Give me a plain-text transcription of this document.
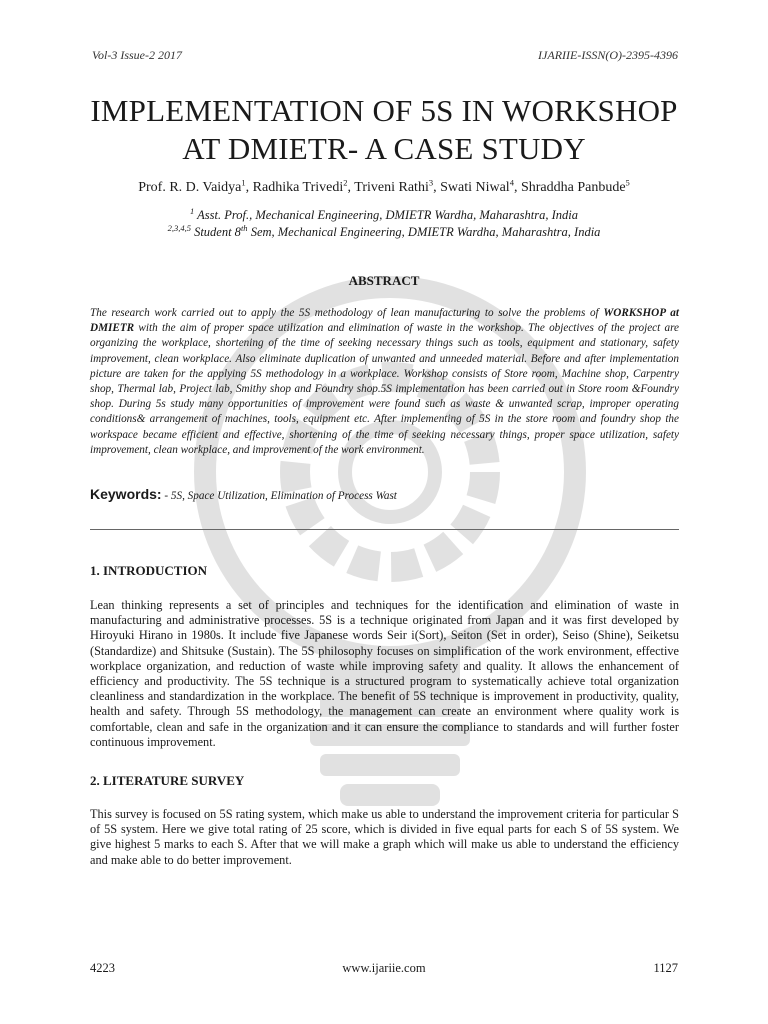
Vol-3 Issue-2 2017	IJARIIE-ISSN(O)-2395-4396
IMPLEMENTATION OF 5S IN WORKSHOP
AT DMIETR- A CASE STUDY
Prof. R. D. Vaidya$^1$, Radhika Trivedi$^2$, Triveni Rathi$^3$, Swati Niwal$^4$, Shraddha Panbude$^5$
$^1$ Asst. Prof., Mechanical Engineering, DMIETR Wardha, Maharashtra, India
$^{2,3,4,5}$ Student 8th Sem, Mechanical Engineering, DMIETR Wardha, Maharashtra, India
ABSTRACT
The research work carried out to apply the 5S methodology of lean manufacturing to solve the problems of WORKSHOP at DMIETR with the aim of proper space utilization and elimination of waste in the workshop. The objectives of the project are organizing the workplace, shortening of the time of seeking necessary things such as tools, equipment and stationary, safety improvement, clean workplace. Also eliminate duplication of unwanted and unneeded material. Before and after implementation picture are taken for the applying 5S methodology in a workplace. Workshop consists of Store room, Machine shop, Carpentry shop, Thermal lab, Project lab, Smithy shop and Foundry shop.5S implementation has been carried out in Store room &Foundry shop. During 5s study many opportunities of improvement were found such as waste & unwanted scrap, improper operating conditions& arrangement of machines, tools, equipment etc. After implementing of 5S in the store room and foundry shop the workspace became efficient and effective, shortening of the time of seeking necessary things, proper space utilization, safety improvement, clean workplace, and improvement of the work environment.
Keywords: - 5S, Space Utilization, Elimination of Process Wast
1. INTRODUCTION
Lean thinking represents a set of principles and techniques for the identification and elimination of waste in manufacturing and administrative processes. 5S is a technique originated from Japan and it was first developed by Hiroyuki Hirano in 1980s. It include five Japanese words Seir i(Sort), Seiton (Set in order), Seiso (Shine), Seiketsu (Standardize) and Shitsuke (Sustain). The 5S philosophy focuses on simplification of the work environment, effective workplace organization, and reduction of waste while improving safety and quality. It allows the enhancement of efficiency and productivity. The 5S technique is a structured program to systematically achieve total organization cleanliness and standardization in the workplace. The benefit of 5S technique is improvement in productivity, quality, health and safety. Through 5S methodology, the management can create an environment where quality work is comfortable, clean and safe in the organization and it can ensure the compliance to standards and will further foster continuous improvement.
2. LITERATURE SURVEY
This survey is focused on 5S rating system, which make us able to understand the improvement criteria for particular S of 5S system. Here we give total rating of 25 score, which is divided in five equal parts for each S of 5S system. We give highest 5 marks to each S. After that we will make a graph which will make us able to understand the efficiency and make able to do better improvement.
4223	www.ijariie.com	1127
